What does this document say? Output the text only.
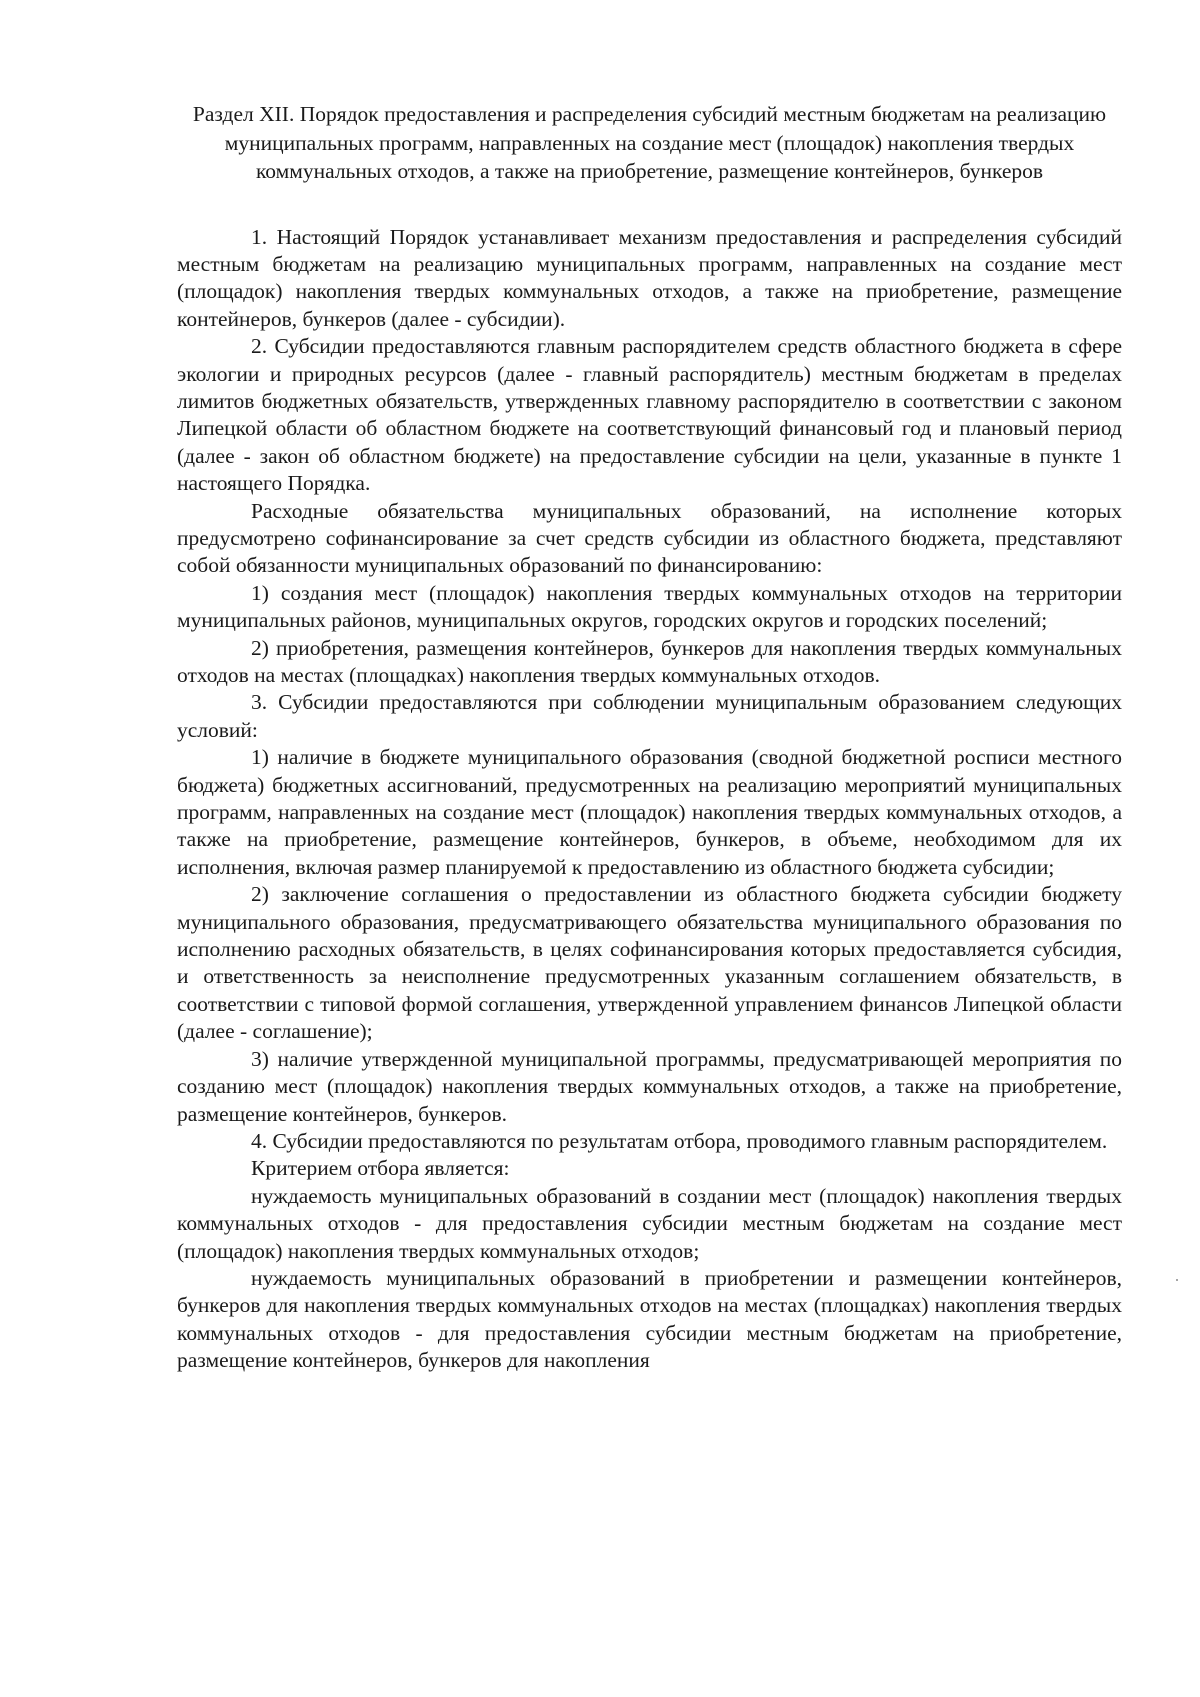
Раздел XII. Порядок предоставления и распределения субсидий местным бюджетам на реализацию муниципальных программ, направленных на создание мест (площадок) накопления твердых коммунальных отходов, а также на приобретение, размещение контейнеров, бункеров

1. Настоящий Порядок устанавливает механизм предоставления и распределения субсидий местным бюджетам на реализацию муниципальных программ, направленных на создание мест (площадок) накопления твердых коммунальных отходов, а также на приобретение, размещение контейнеров, бункеров (далее - субсидии).

2. Субсидии предоставляются главным распорядителем средств областного бюджета в сфере экологии и природных ресурсов (далее - главный распорядитель) местным бюджетам в пределах лимитов бюджетных обязательств, утвержденных главному распорядителю в соответствии с законом Липецкой области об областном бюджете на соответствующий финансовый год и плановый период (далее - закон об областном бюджете) на предоставление субсидии на цели, указанные в пункте 1 настоящего Порядка.

Расходные обязательства муниципальных образований, на исполнение которых предусмотрено софинансирование за счет средств субсидии из областного бюджета, представляют собой обязанности муниципальных образований по финансированию:

1) создания мест (площадок) накопления твердых коммунальных отходов на территории муниципальных районов, муниципальных округов, городских округов и городских поселений;

2) приобретения, размещения контейнеров, бункеров для накопления твердых коммунальных отходов на местах (площадках) накопления твердых коммунальных отходов.

3. Субсидии предоставляются при соблюдении муниципальным образованием следующих условий:

1) наличие в бюджете муниципального образования (сводной бюджетной росписи местного бюджета) бюджетных ассигнований, предусмотренных на реализацию мероприятий муниципальных программ, направленных на создание мест (площадок) накопления твердых коммунальных отходов, а также на приобретение, размещение контейнеров, бункеров, в объеме, необходимом для их исполнения, включая размер планируемой к предоставлению из областного бюджета субсидии;

2) заключение соглашения о предоставлении из областного бюджета субсидии бюджету муниципального образования, предусматривающего обязательства муниципального образования по исполнению расходных обязательств, в целях софинансирования которых предоставляется субсидия, и ответственность за неисполнение предусмотренных указанным соглашением обязательств, в соответствии с типовой формой соглашения, утвержденной управлением финансов Липецкой области (далее - соглашение);

3) наличие утвержденной муниципальной программы, предусматривающей мероприятия по созданию мест (площадок) накопления твердых коммунальных отходов, а также на приобретение, размещение контейнеров, бункеров.

4. Субсидии предоставляются по результатам отбора, проводимого главным распорядителем.

Критерием отбора является:

нуждаемость муниципальных образований в создании мест (площадок) накопления твердых коммунальных отходов - для предоставления субсидии местным бюджетам на создание мест (площадок) накопления твердых коммунальных отходов;

нуждаемость муниципальных образований в приобретении и размещении контейнеров, бункеров для накопления твердых коммунальных отходов на местах (площадках) накопления твердых коммунальных отходов - для предоставления субсидии местным бюджетам на приобретение, размещение контейнеров, бункеров для накопления
